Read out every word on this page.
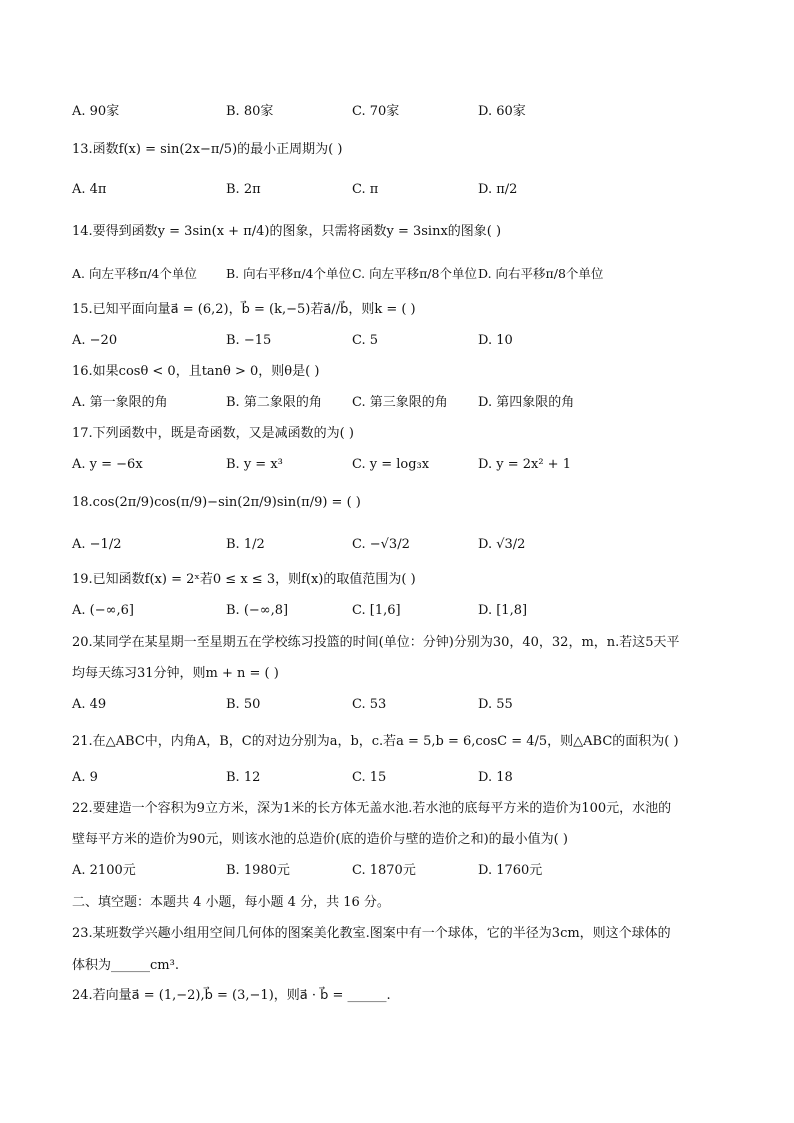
A. 90家	B. 80家	C. 70家	D. 60家
13.函数f(x) = sin(2x−π/5)的最小正周期为( )
A. 4π	B. 2π	C. π	D. π/2
14.要得到函数y = 3sin(x + π/4)的图象，只需将函数y = 3sinx的图象( )
A. 向左平移π/4个单位 B. 向右平移π/4个单位 C. 向左平移π/8个单位 D. 向右平移π/8个单位
15.已知平面向量a⃗ = (6,2)，b⃗ = (k,−5)若a⃗//b⃗，则k = ( )
A. −20	B. −15	C. 5	D. 10
16.如果cosθ < 0，且tanθ > 0，则θ是( )
A. 第一象限的角	B. 第二象限的角 C. 第三象限的角 D. 第四象限的角
17.下列函数中，既是奇函数，又是减函数的为( )
A. y = −6x	B. y = x³	C. y = log₃x	D. y = 2x² + 1
18.cos(2π/9)cos(π/9)−sin(2π/9)sin(π/9) = ( )
A. −1/2	B. 1/2	C. −√3/2	D. √3/2
19.已知函数f(x) = 2ˣ若0 ≤ x ≤ 3，则f(x)的取值范围为( )
A. (−∞,6]	B. (−∞,8]	C. [1,6]	D. [1,8]
20.某同学在某星期一至星期五在学校练习投篮的时间(单位：分钟)分别为30，40，32，m，n.若这5天平
均每天练习31分钟，则m + n = ( )
A. 49	B. 50	C. 53	D. 55
21.在△ABC中，内角A，B，C的对边分别为a，b，c.若a = 5,b = 6,cosC = 4/5，则△ABC的面积为( )
A. 9	B. 12	C. 15	D. 18
22.要建造一个容积为9立方米，深为1米的长方体无盖水池.若水池的底每平方米的造价为100元，水池的
壁每平方米的造价为90元，则该水池的总造价(底的造价与壁的造价之和)的最小值为( )
A. 2100元	B. 1980元	C. 1870元	D. 1760元
二、填空题：本题共 4 小题，每小题 4 分，共 16 分。
23.某班数学兴趣小组用空间几何体的图案美化教室.图案中有一个球体，它的半径为3cm，则这个球体的
体积为______cm³.
24.若向量a⃗ = (1,−2),b⃗ = (3,−1)，则a⃗ · b⃗ = ______.
